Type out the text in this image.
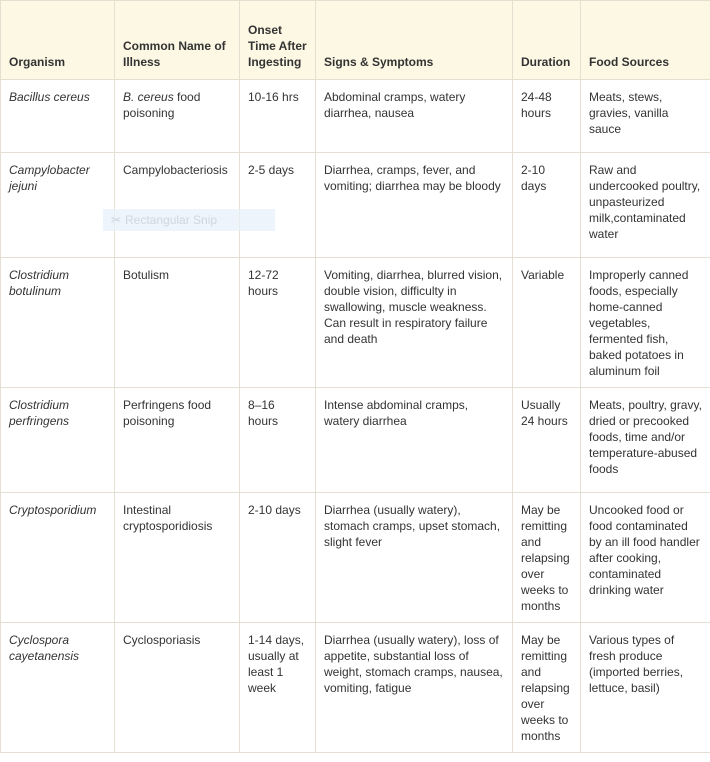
Organism	Common Name of Illness	Onset Time After Ingesting	Signs & Symptoms	Duration	Food Sources
Bacillus cereus	B. cereus food poisoning	10-16 hrs	Abdominal cramps, watery diarrhea, nausea	24-48 hours	Meats, stews, gravies, vanilla sauce
Campylobacter jejuni	Campylobacteriosis	2-5 days	Diarrhea, cramps, fever, and vomiting; diarrhea may be bloody	2-10 days	Raw and undercooked poultry, unpasteurized milk,contaminated water
Clostridium botulinum	Botulism	12-72 hours	Vomiting, diarrhea, blurred vision, double vision, difficulty in swallowing, muscle weakness. Can result in respiratory failure and death	Variable	Improperly canned foods, especially home-canned vegetables, fermented fish, baked potatoes in aluminum foil
Clostridium perfringens	Perfringens food poisoning	8–16 hours	Intense abdominal cramps, watery diarrhea	Usually 24 hours	Meats, poultry, gravy, dried or precooked foods, time and/or temperature-abused foods
Cryptosporidium	Intestinal cryptosporidiosis	2-10 days	Diarrhea (usually watery), stomach cramps, upset stomach, slight fever	May be remitting and relapsing over weeks to months	Uncooked food or food contaminated by an ill food handler after cooking, contaminated drinking water
Cyclospora cayetanensis	Cyclosporiasis	1-14 days, usually at least 1 week	Diarrhea (usually watery), loss of appetite, substantial loss of weight, stomach cramps, nausea, vomiting, fatigue	May be remitting and relapsing over weeks to months	Various types of fresh produce (imported berries, lettuce, basil)
✂ Rectangular Snip
